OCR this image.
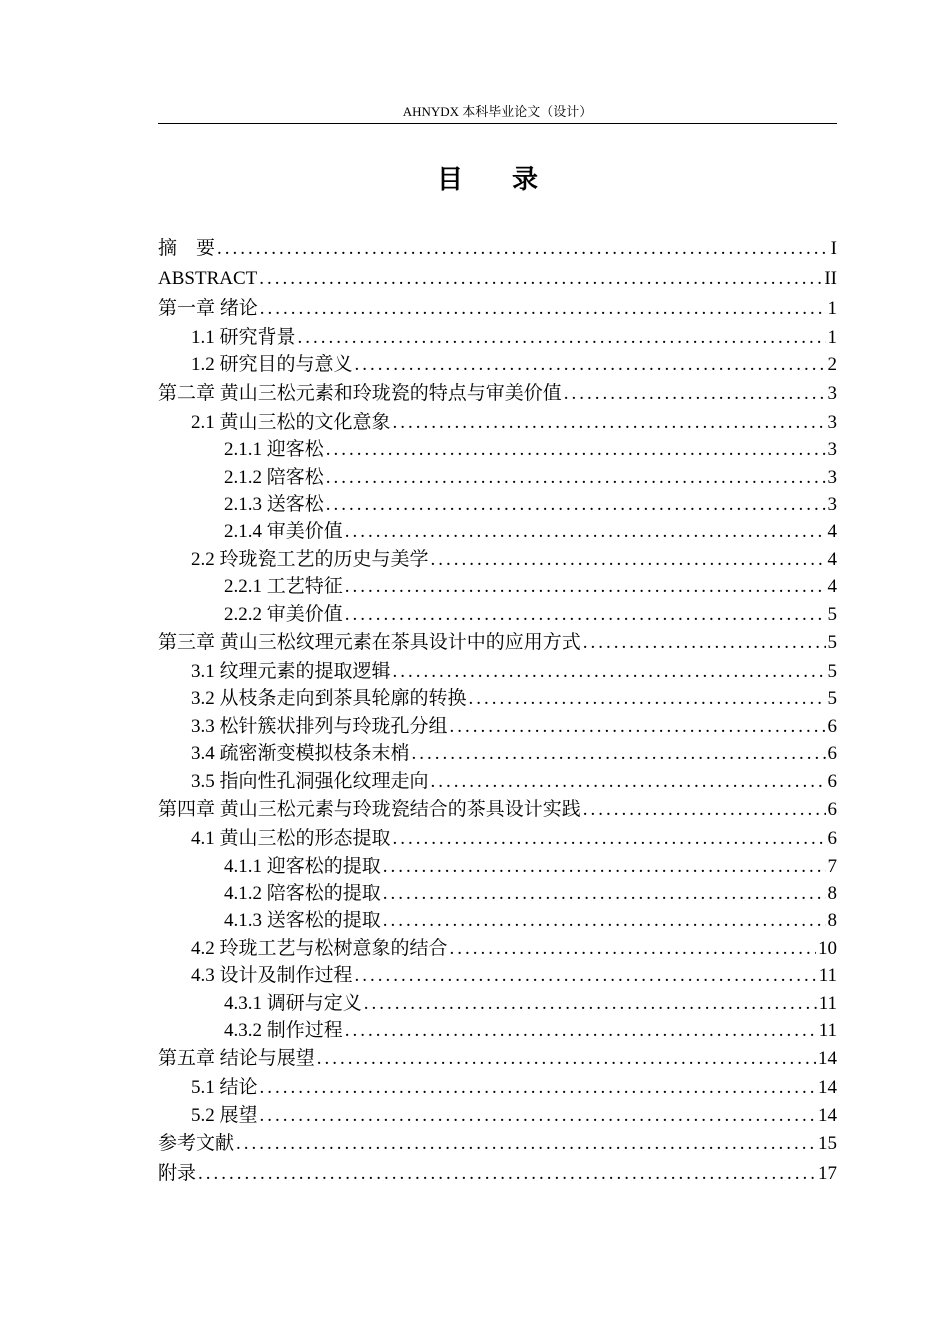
AHNYDX 本科毕业论文（设计）
目 录
摘　要 .....	I
ABSTRACT .....	II
第一章 绪论 .....	1
1.1 研究背景 .....	1
1.2 研究目的与意义 .....	2
第二章 黄山三松元素和玲珑瓷的特点与审美价值 .....	3
2.1 黄山三松的文化意象 .....	3
2.1.1 迎客松 .....	3
2.1.2 陪客松 .....	3
2.1.3 送客松 .....	3
2.1.4 审美价值 .....	4
2.2 玲珑瓷工艺的历史与美学 .....	4
2.2.1 工艺特征 .....	4
2.2.2 审美价值 .....	5
第三章 黄山三松纹理元素在茶具设计中的应用方式 .....	5
3.1 纹理元素的提取逻辑 .....	5
3.2 从枝条走向到茶具轮廓的转换 .....	5
3.3 松针簇状排列与玲珑孔分组 .....	6
3.4 疏密渐变模拟枝条末梢 .....	6
3.5 指向性孔洞强化纹理走向 .....	6
第四章 黄山三松元素与玲珑瓷结合的茶具设计实践 .....	6
4.1 黄山三松的形态提取 .....	6
4.1.1 迎客松的提取 .....	7
4.1.2 陪客松的提取 .....	8
4.1.3 送客松的提取 .....	8
4.2 玲珑工艺与松树意象的结合 .....	10
4.3 设计及制作过程 .....	11
4.3.1 调研与定义 .....	11
4.3.2 制作过程 .....	11
第五章 结论与展望 .....	14
5.1 结论 .....	14
5.2 展望 .....	14
参考文献 .....	15
附录 .....	17
